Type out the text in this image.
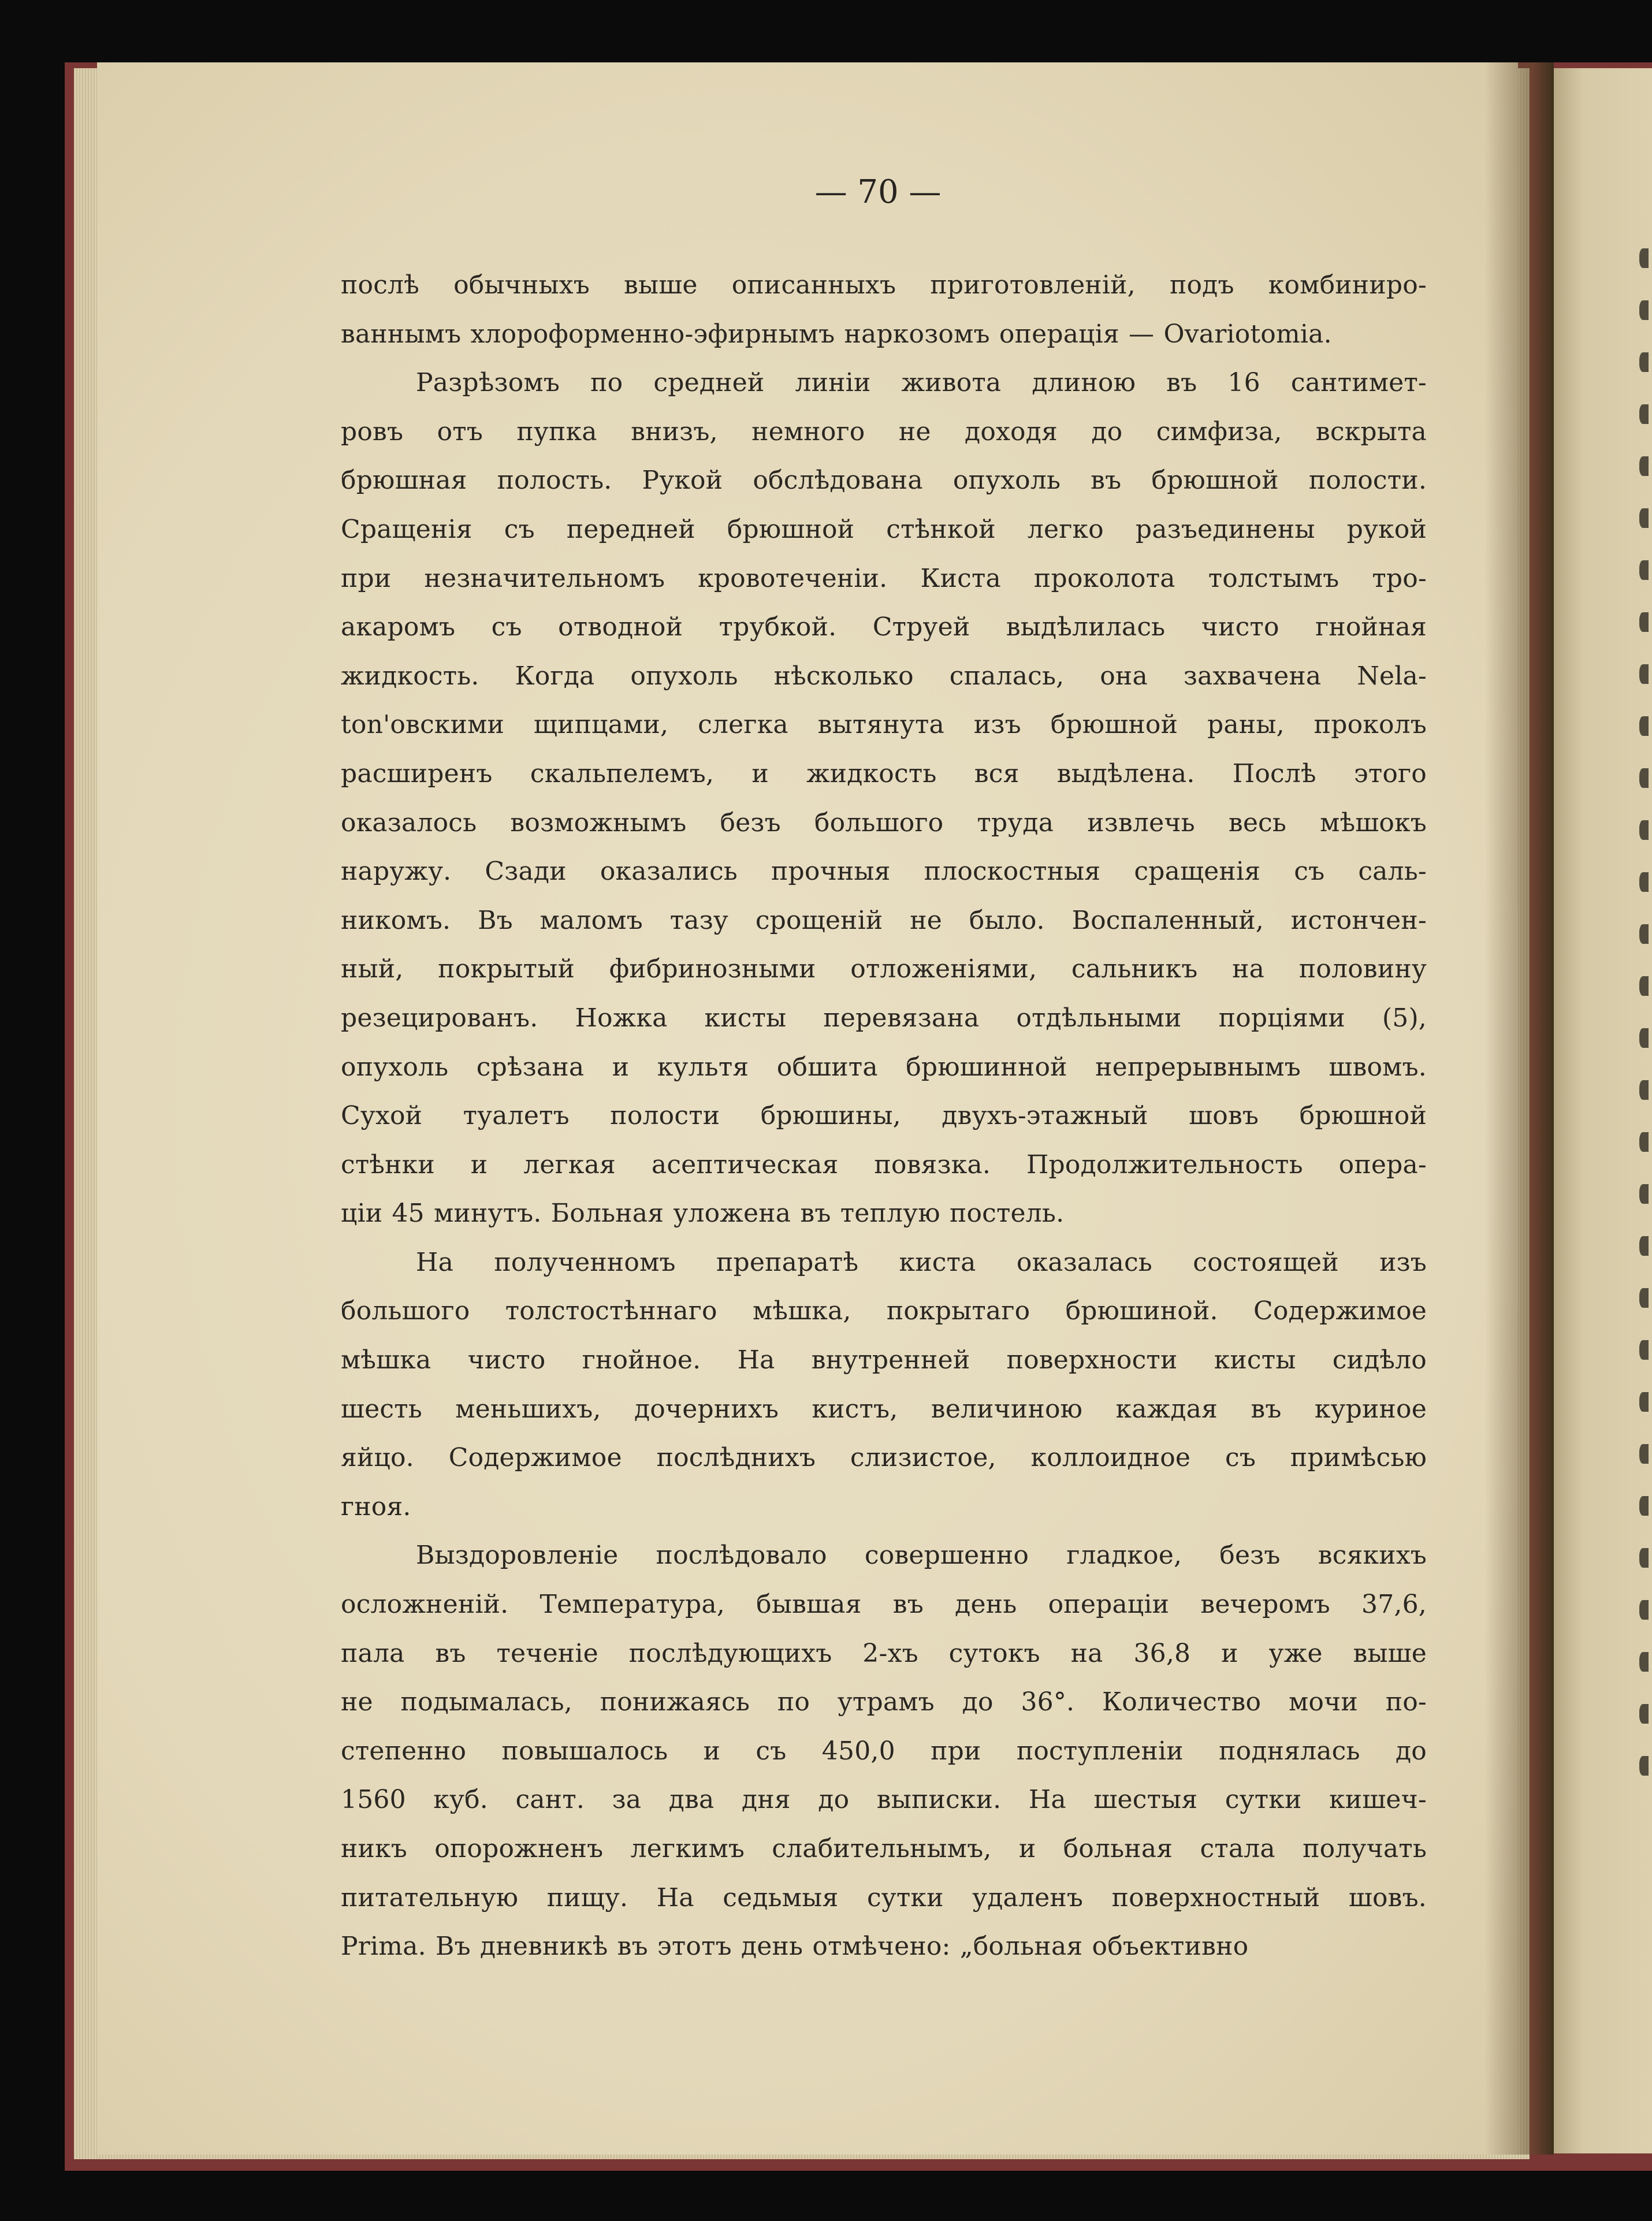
— 70 —
послѣ обычныхъ выше описанныхъ приготовленій, подъ комбиниро-
ваннымъ хлороформенно-эфирнымъ наркозомъ операція — Ovariotomia.
Разрѣзомъ по средней линіи живота длиною въ 16 сантимет-
ровъ отъ пупка внизъ, немного не доходя до симфиза, вскрыта
брюшная полость. Рукой обслѣдована опухоль въ брюшной полости.
Сращенія съ передней брюшной стѣнкой легко разъединены рукой
при незначительномъ кровотеченіи. Киста проколота толстымъ тро-
акаромъ съ отводной трубкой. Струей выдѣлилась чисто гнойная
жидкость. Когда опухоль нѣсколько спалась, она захвачена Nela-
ton'овскими щипцами, слегка вытянута изъ брюшной раны, проколъ
расширенъ скальпелемъ, и жидкость вся выдѣлена. Послѣ этого
оказалось возможнымъ безъ большого труда извлечь весь мѣшокъ
наружу. Сзади оказались прочныя плоскостныя сращенія съ саль-
никомъ. Въ маломъ тазу срощеній не было. Воспаленный, истончен-
ный, покрытый фибринозными отложеніями, сальникъ на половину
резецированъ. Ножка кисты перевязана отдѣльными порціями (5),
опухоль срѣзана и культя обшита брюшинной непрерывнымъ швомъ.
Сухой туалетъ полости брюшины, двухъ-этажный шовъ брюшной
стѣнки и легкая асептическая повязка. Продолжительность опера-
ціи 45 минутъ. Больная уложена въ теплую постель.
На полученномъ препаратѣ киста оказалась состоящей изъ
большого толстостѣннаго мѣшка, покрытаго брюшиной. Содержимое
мѣшка чисто гнойное. На внутренней поверхности кисты сидѣло
шесть меньшихъ, дочернихъ кистъ, величиною каждая въ куриное
яйцо. Содержимое послѣднихъ слизистое, коллоидное съ примѣсью
гноя.
Выздоровленіе послѣдовало совершенно гладкое, безъ всякихъ
осложненій. Температура, бывшая въ день операціи вечеромъ 37,6,
пала въ теченіе послѣдующихъ 2-хъ сутокъ на 36,8 и уже выше
не подымалась, понижаясь по утрамъ до 36°. Количество мочи по-
степенно повышалось и съ 450,0 при поступленіи поднялась до
1560 куб. сант. за два дня до выписки. На шестыя сутки кишеч-
никъ опорожненъ легкимъ слабительнымъ, и больная стала получать
питательную пищу. На седьмыя сутки удаленъ поверхностный шовъ.
Prima. Въ дневникѣ въ этотъ день отмѣчено: „больная объективно
